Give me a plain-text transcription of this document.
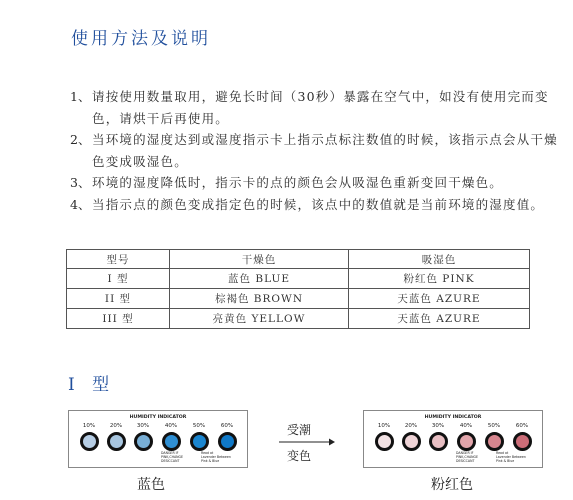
使用方法及说明
1、 请按使用数量取用，避免长时间（30秒）暴露在空气中，如没有使用完而变色，请烘干后再使用。
2、 当环境的湿度达到或湿度指示卡上指示点标注数值的时候，该指示点会从干燥色变成吸湿色。
3、 环境的湿度降低时，指示卡的点的颜色会从吸湿色重新变回干燥色。
4、 当指示点的颜色变成指定色的时候，该点中的数值就是当前环境的湿度值。
型号	干燥色	吸湿色
I 型	蓝色 BLUE	粉红色 PINK
II 型	棕褐色 BROWN	天蓝色 AZURE
III 型	亮黄色 YELLOW	天蓝色 AZURE
I 型
HUMIDITY INDICATOR
10%	20%	30%	40%	50%	60%
DANGER IF
PINK,CHANGE
DESICCANT
Read at
Lavender Between
Pink & Blue
受潮
变色
HUMIDITY INDICATOR
10%	20%	30%	40%	50%	60%
DANGER IF
PINK,CHANGE
DESICCANT
Read at
Lavender Between
Pink & Blue
蓝色	粉红色
